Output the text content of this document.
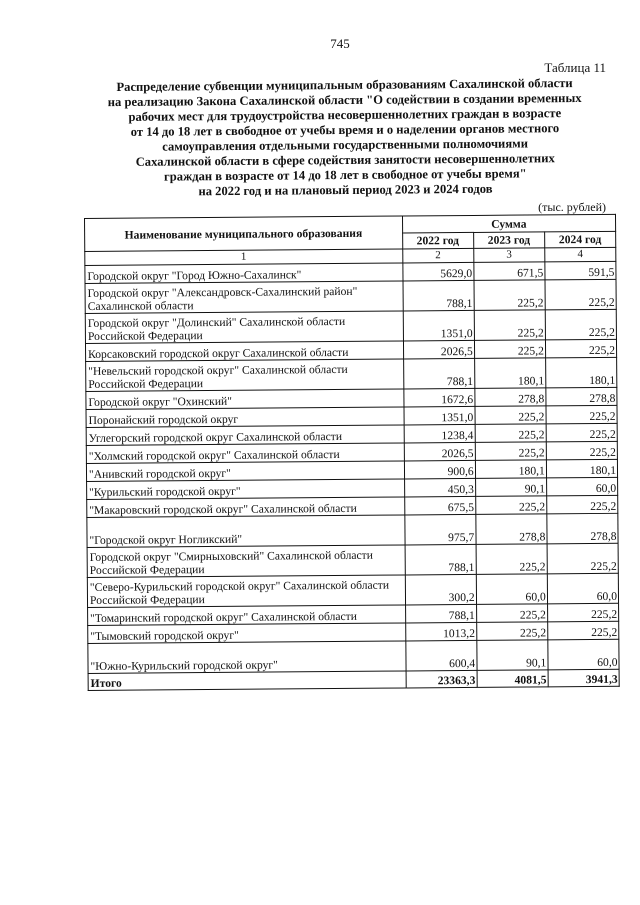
745
Таблица 11
Распределение субвенции муниципальным образованиям Сахалинской области
на реализацию Закона Сахалинской области "О содействии в создании временных
рабочих мест для трудоустройства несовершеннолетних граждан в возрасте
от 14 до 18 лет в свободное от учебы время и о наделении органов местного
самоуправления отдельными государственными полномочиями
Сахалинской области в сфере содействия занятости несовершеннолетних
граждан в возрасте от 14 до 18 лет в свободное от учебы время"
на 2022 год и на плановый период 2023 и 2024 годов
(тыс. рублей)
Наименование муниципального образования	Сумма		
	2022 год	2023 год	2024 год
1	2	3	4
Городской округ "Город Южно-Сахалинск"	5629,0	671,5	591,5
Городской округ "Александровск-Сахалинский район" Сахалинской области	788,1	225,2	225,2
Городской округ "Долинский" Сахалинской области Российской Федерации	1351,0	225,2	225,2
Корсаковский городской округ Сахалинской области	2026,5	225,2	225,2
"Невельский городской округ" Сахалинской области Российской Федерации	788,1	180,1	180,1
Городской округ "Охинский"	1672,6	278,8	278,8
Поронайский городской округ	1351,0	225,2	225,2
Углегорский городской округ Сахалинской области	1238,4	225,2	225,2
"Холмский городской округ" Сахалинской области	2026,5	225,2	225,2
"Анивский городской округ"	900,6	180,1	180,1
"Курильский городской округ"	450,3	90,1	60,0
"Макаровский городской округ" Сахалинской области	675,5	225,2	225,2
"Городской округ Ногликский"	975,7	278,8	278,8
Городской округ "Смирныховский" Сахалинской области Российской Федерации	788,1	225,2	225,2
"Северо-Курильский городской округ" Сахалинской области Российской Федерации	300,2	60,0	60,0
"Томаринский городской округ" Сахалинской области	788,1	225,2	225,2
"Тымовский городской округ"	1013,2	225,2	225,2
"Южно-Курильский городской округ"	600,4	90,1	60,0
Итого	23363,3	4081,5	3941,3
